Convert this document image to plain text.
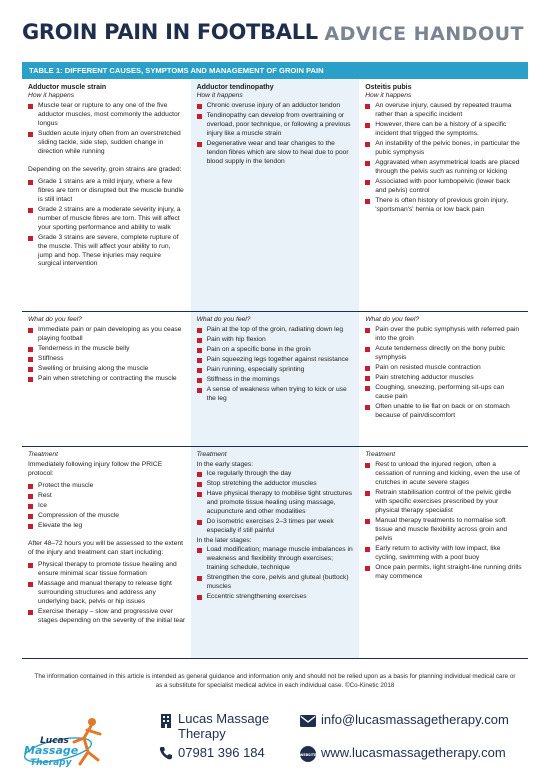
GROIN PAIN IN FOOTBALL ADVICE HANDOUT
TABLE 1: DIFFERENT CAUSES, SYMPTOMS AND MANAGEMENT OF GROIN PAIN
Adductor muscle strain
How it happens
Muscle tear or rupture to any one of the five adductor muscles, most commonly the adductor longus
Sudden acute injury often from an overstretched sliding tackle, side step, sudden change in direction while running
Depending on the severity, groin strains are graded:
Grade 1 strains are a mild injury, where a few fibres are torn or disrupted but the muscle bundle is still intact
Grade 2 strains are a moderate severity injury, a number of muscle fibres are torn. This will affect your sporting performance and ability to walk
Grade 3 strains are severe, complete rupture of the muscle. This will affect your ability to run, jump and hop. These injuries may require surgical intervention
Adductor tendinopathy
How it happens
Chronic overuse injury of an adductor tendon
Tendinopathy can develop from overtraining or overload, poor technique, or following a previous injury like a muscle strain
Degenerative wear and tear changes to the tendon fibres which are slow to heal due to poor blood supply in the tendon
Osteitis pubis
How it happens
An overuse injury, caused by repeated trauma rather than a specific incident
However, there can be a history of a specific incident that trigged the symptoms.
An instability of the pelvic bones, in particular the pubic symphysis
Aggravated when asymmetrical loads are placed through the pelvis such as running or kicking
Associated with poor lumbopelvic (lower back and pelvis) control
There is often history of previous groin injury, 'sportsman's' hernia or low back pain
What do you feel?
Immediate pain or pain developing as you cease playing football
Tenderness in the muscle belly
Stiffness
Swelling or bruising along the muscle
Pain when stretching or contracting the muscle
What do you feel?
Pain at the top of the groin, radiating down leg
Pain with hip flexion
Pain on a specific bone in the groin
Pain squeezing legs together against resistance
Pain running, especially sprinting
Stiffness in the mornings
A sense of weakness when trying to kick or use the leg
What do you feel?
Pain over the pubic symphysis with referred pain into the groin
Acute tenderness directly on the bony pubic symphysis
Pain on resisted muscle contraction
Pain stretching adductor muscles
Coughing, sneezing, performing sit-ups can cause pain
Often unable to lie flat on back or on stomach because of pain/discomfort
Treatment
Immediately following injury follow the PRICE protocol:
Protect the muscle
Rest
Ice
Compression of the muscle
Elevate the leg
After 48–72 hours you will be assessed to the extent of the injury and treatment can start including:
Physical therapy to promote tissue healing and ensure minimal scar tissue formation
Massage and manual therapy to release tight surrounding structures and address any underlying back, pelvis or hip issues
Exercise therapy – slow and progressive over stages depending on the severity of the initial tear
Treatment
In the early stages:
Ice regularly through the day
Stop stretching the adductor muscles
Have physical therapy to mobilise tight structures and promote tissue healing using massage, acupuncture and other modalities
Do isometric exercises 2–3 times per week especially if still painful
In the later stages:
Load modification; manage muscle imbalances in weakness and flexibility through exercises; training schedule, technique
Strengthen the core, pelvis and gluteal (buttock) muscles
Eccentric strengthening exercises
Treatment
Rest to unload the injured region, often a cessation of running and kicking, even the use of crutches in acute severe stages
Retrain stabilisation control of the pelvic girdle with specific exercises prescribed by your physical therapy specialist
Manual therapy treatments to normalise soft tissue and muscle flexibility across groin and pelvis
Early return to activity with low impact, like cycling, swimming with a pool buoy
Once pain permits, light straight-line running drills may commence
The information contained in this article is intended as general guidance and information only and should not be relied upon as a basis for planning individual medical care or as a substitute for specialist medical advice in each individual case. ©Co-Kinetic 2018
Lucas
Massage
Therapy
Lucas Massage
Therapy
07981 396 184
info@lucasmassagetherapy.com
WEBSITE www.lucasmassagetherapy.com
